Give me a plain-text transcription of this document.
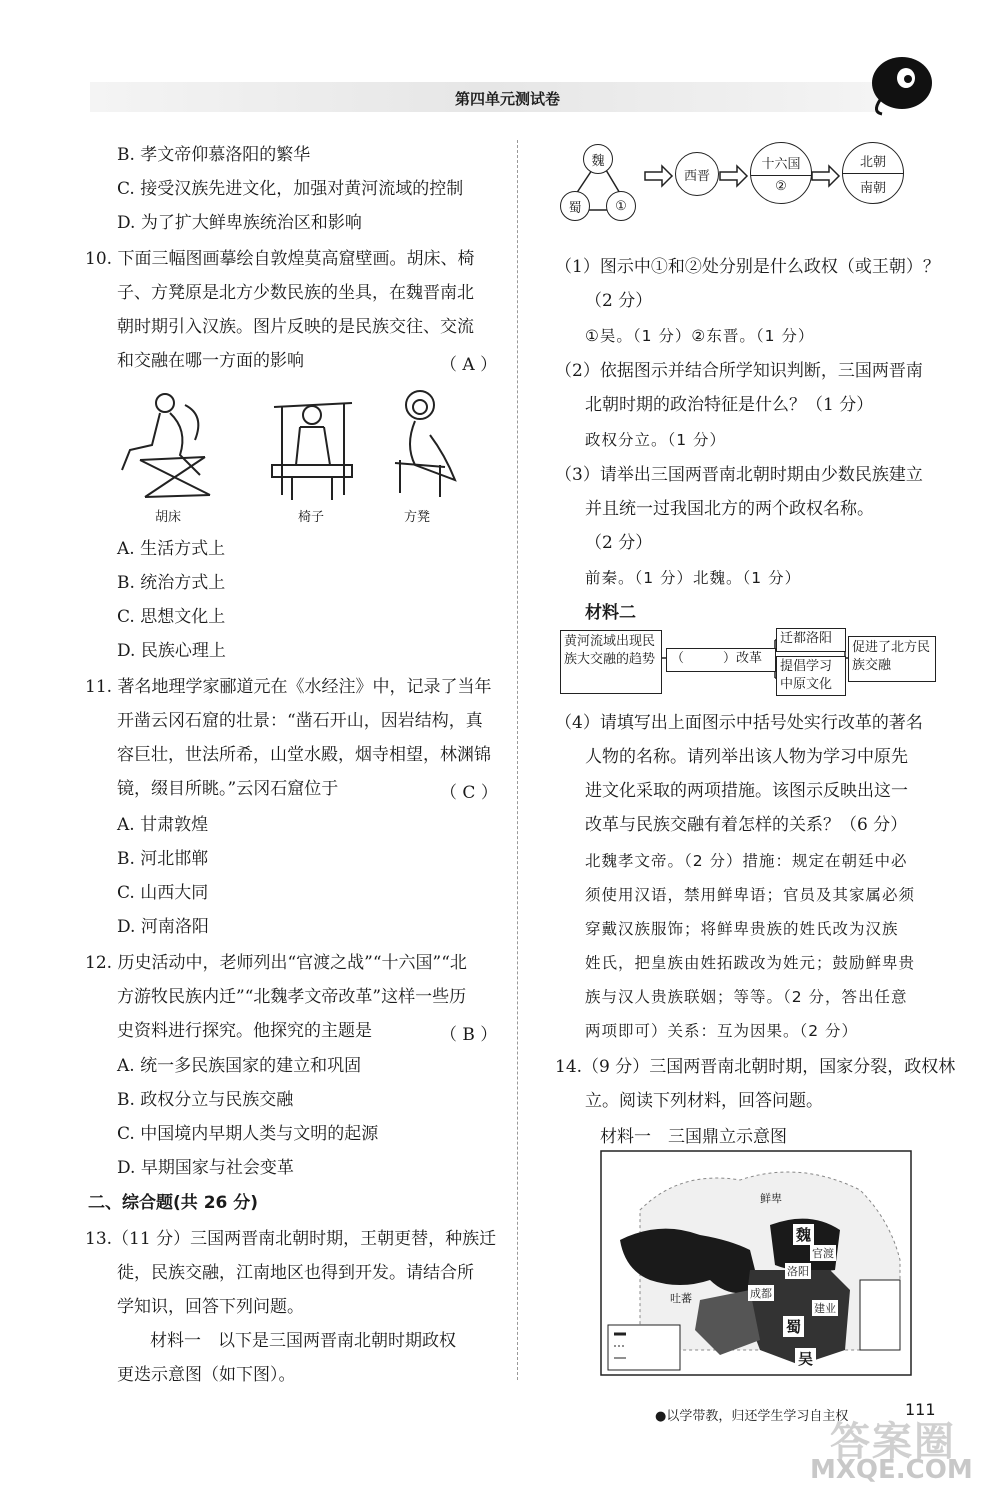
第四单元测试卷
B. 孝文帝仰慕洛阳的繁华
C. 接受汉族先进文化，加强对黄河流域的控制
D. 为了扩大鲜卑族统治区和影响
10. 下面三幅图画摹绘自敦煌莫高窟壁画。胡床、椅
子、方凳原是北方少数民族的坐具，在魏晋南北
朝时期引入汉族。图片反映的是民族交往、交流
和交融在哪一方面的影响	（ A ）
胡床	椅子	方凳
A. 生活方式上
B. 统治方式上
C. 思想文化上
D. 民族心理上
11. 著名地理学家郦道元在《水经注》中，记录了当年
开凿云冈石窟的壮景：“凿石开山，因岩结构，真
容巨壮，世法所希，山堂水殿，烟寺相望，林渊锦
镜，缀目所眺。”云冈石窟位于	（ C ）
A. 甘肃敦煌
B. 河北邯郸
C. 山西大同
D. 河南洛阳
12. 历史活动中，老师列出“官渡之战”“十六国”“北
方游牧民族内迁”“北魏孝文帝改革”这样一些历
史资料进行探究。他探究的主题是	（ B ）
A. 统一多民族国家的建立和巩固
B. 政权分立与民族交融
C. 中国境内早期人类与文明的起源
D. 早期国家与社会变革
二、综合题(共 26 分)
13.（11 分）三国两晋南北朝时期，王朝更替，种族迁
徙，民族交融，江南地区也得到开发。请结合所
学知识，回答下列问题。
材料一　以下是三国两晋南北朝时期政权
更迭示意图（如下图）。
魏
蜀	①
西晋
十六国
②
北朝
南朝
（1）图示中①和②处分别是什么政权（或王朝）？
（2 分）
①吴。（1 分）②东晋。（1 分）
（2）依据图示并结合所学知识判断，三国两晋南
北朝时期的政治特征是什么？（1 分）
政权分立。（1 分）
（3）请举出三国两晋南北朝时期由少数民族建立
并且统一过我国北方的两个政权名称。
（2 分）
前秦。（1 分）北魏。（1 分）
材料二
黄河流域出现民族大交融的趋势	（　　　）改革
迁都洛阳
提倡学习中原文化
促进了北方民族交融
（4）请填写出上面图示中括号处实行改革的著名
人物的名称。请列举出该人物为学习中原先
进文化采取的两项措施。该图示反映出这一
改革与民族交融有着怎样的关系？（6 分）
北魏孝文帝。（2 分）措施：规定在朝廷中必
须使用汉语，禁用鲜卑语；官员及其家属必须
穿戴汉族服饰；将鲜卑贵族的姓氏改为汉族
姓氏，把皇族由姓拓跋改为姓元；鼓励鲜卑贵
族与汉人贵族联姻；等等。（2 分，答出任意
两项即可）关系：互为因果。（2 分）
14.（9 分）三国两晋南北朝时期，国家分裂，政权林
立。阅读下列材料，回答问题。
材料一　三国鼎立示意图
魏
蜀
吴
官渡
洛阳
成都
建业
鲜卑
吐蕃
●以学带教，归还学生学习自主权	111
答案圈
MXQE.COM
